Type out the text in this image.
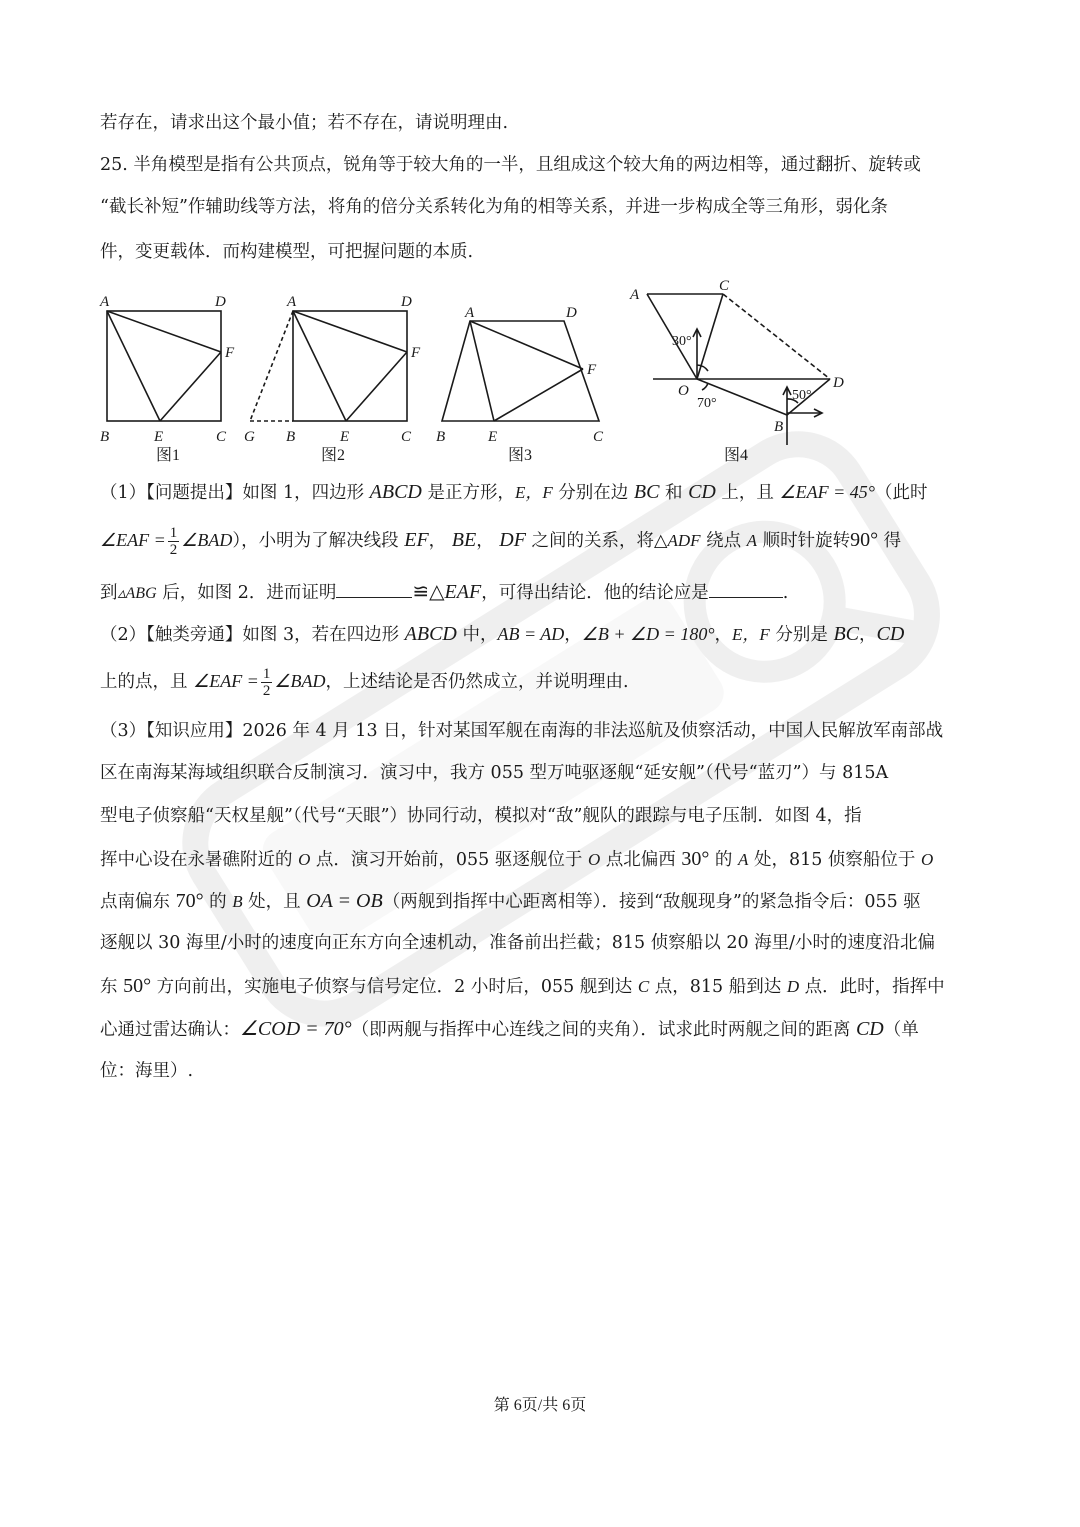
若存在，请求出这个最小值；若不存在，请说明理由.
25. 半角模型是指有公共顶点，锐角等于较大角的一半，且组成这个较大角的两边相等，通过翻折、旋转或
“截长补短”作辅助线等方法，将角的倍分关系转化为角的相等关系，并进一步构成全等三角形，弱化条
件，变更载体．而构建模型，可把握问题的本质.
A	D
F
B	E	C
A	D
F
G B	E	C
A	D
F
B	E	C
A
C
O	D
B
30°
70°
50°
图1	图2	图3	图4
（1）【问题提出】如图 1，四边形 ABCD 是正方形，E，F 分别在边 BC 和 CD 上，且 ∠EAF = 45°（此时
∠EAF = $\frac{1}{2}$ ∠BAD），小明为了解决线段 EF， BE， DF 之间的关系，将△ADF 绕点 A 顺时针旋转90° 得
到▵ABG 后，如图 2．进而证明	≌△EAF，可得出结论．他的结论应是	.
（2）【触类旁通】如图 3，若在四边形 ABCD 中，AB = AD，∠B + ∠D = 180°，E，F 分别是 BC，CD
上的点，且 ∠EAF = $\frac{1}{2}$ ∠BAD，上述结论是否仍然成立，并说明理由.
（3）【知识应用】2026 年 4 月 13 日，针对某国军舰在南海的非法巡航及侦察活动，中国人民解放军南部战
区在南海某海域组织联合反制演习．演习中，我方 055 型万吨驱逐舰“延安舰”（代号“蓝刃”）与 815A
型电子侦察船“天权星舰”（代号“天眼”）协同行动，模拟对“敌”舰队的跟踪与电子压制．如图 4，指
挥中心设在永暑礁附近的 O 点．演习开始前，055 驱逐舰位于 O 点北偏西 30° 的 A 处，815 侦察船位于 O
点南偏东 70° 的 B 处，且 OA = OB（两舰到指挥中心距离相等）．接到“敌舰现身”的紧急指令后：055 驱
逐舰以 30 海里/小时的速度向正东方向全速机动，准备前出拦截；815 侦察船以 20 海里/小时的速度沿北偏
东 50° 方向前出，实施电子侦察与信号定位．2 小时后，055 舰到达 C 点，815 船到达 D 点．此时，指挥中
心通过雷达确认：∠COD = 70°（即两舰与指挥中心连线之间的夹角）．试求此时两舰之间的距离 CD（单
位：海里）.
第 6页/共 6页
